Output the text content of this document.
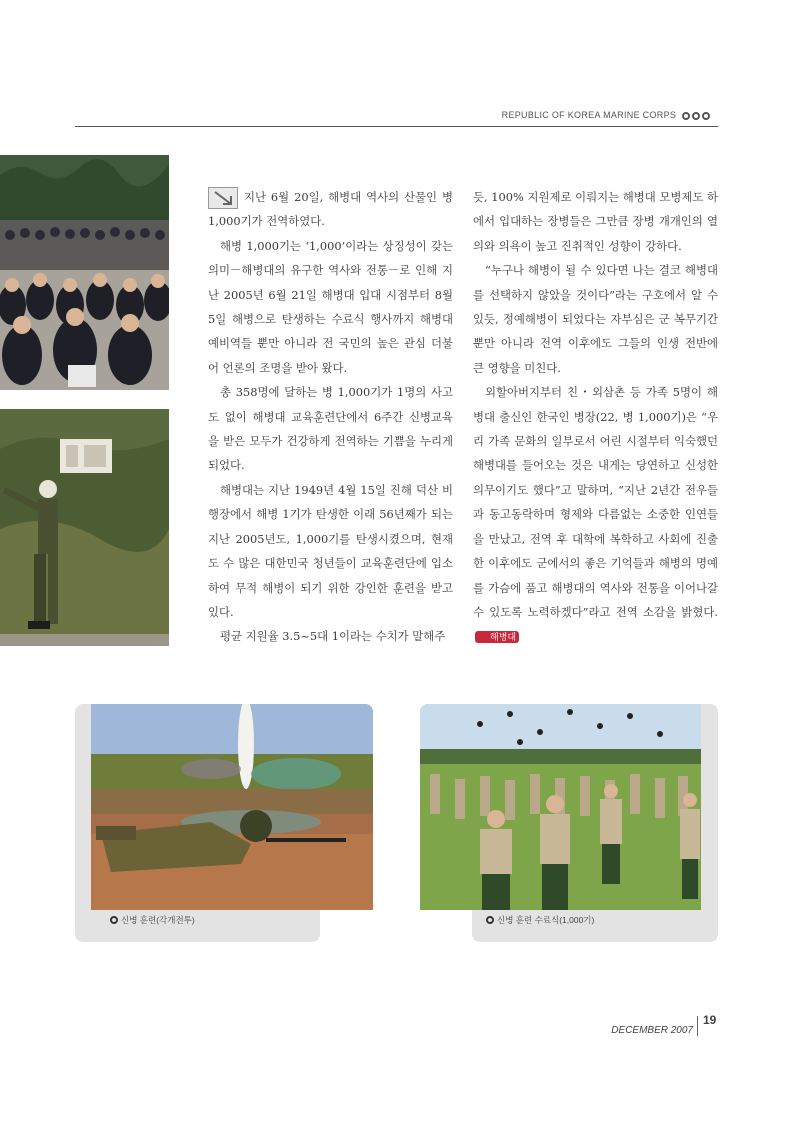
REPUBLIC OF KOREA MARINE CORPS

지난 6월 20일, 해병대 역사의 산물인 병 1,000기가 전역하였다.

해병 1,000기는 ‘1,000’이라는 상징성이 갖는 의미－해병대의 유구한 역사와 전통－로 인해 지난 2005년 6월 21일 해병대 입대 시점부터 8월 5일 해병으로 탄생하는 수료식 행사까지 해병대 예비역들 뿐만 아니라 전 국민의 높은 관심 더불어 언론의 조명을 받아 왔다.

총 358명에 달하는 병 1,000기가 1명의 사고도 없이 해병대 교육훈련단에서 6주간 신병교육을 받은 모두가 건강하게 전역하는 기쁨을 누리게 되었다.

해병대는 지난 1949년 4월 15일 진해 덕산 비행장에서 해병 1기가 탄생한 이래 56년째가 되는 지난 2005년도, 1,000기를 탄생시켰으며, 현재도 수 많은 대한민국 청년들이 교육훈련단에 입소하여 무적 해병이 되기 위한 강인한 훈련을 받고 있다.

평균 지원율 3.5~5대 1이라는 수치가 말해주

듯, 100% 지원제로 이뤄지는 해병대 모병제도 하에서 입대하는 장병들은 그만큼 장병 개개인의 열의와 의욕이 높고 진취적인 성향이 강하다.

“누구나 해병이 될 수 있다면 나는 결코 해병대를 선택하지 않았을 것이다”라는 구호에서 알 수 있듯, 정예해병이 되었다는 자부심은 군 복무기간 뿐만 아니라 전역 이후에도 그들의 인생 전반에 큰 영향을 미친다.

외할아버지부터 친・외삼촌 등 가족 5명이 해병대 출신인 한국인 병장(22, 병 1,000기)은 “우리 가족 문화의 일부로서 어린 시절부터 익숙했던 해병대를 들어오는 것은 내게는 당연하고 신성한 의무이기도 했다”고 말하며, “지난 2년간 전우들과 동고동락하며 형제와 다름없는 소중한 인연들을 만났고, 전역 후 대학에 복학하고 사회에 진출한 이후에도 군에서의 좋은 기억들과 해병의 명예를 가슴에 품고 해병대의 역사와 전통을 이어나갈 수 있도록 노력하겠다”라고 전역 소감을 밝혔다.해병대

신병 훈련(각개전투)	신병 훈련 수료식(1,000기)
DECEMBER 2007
19
